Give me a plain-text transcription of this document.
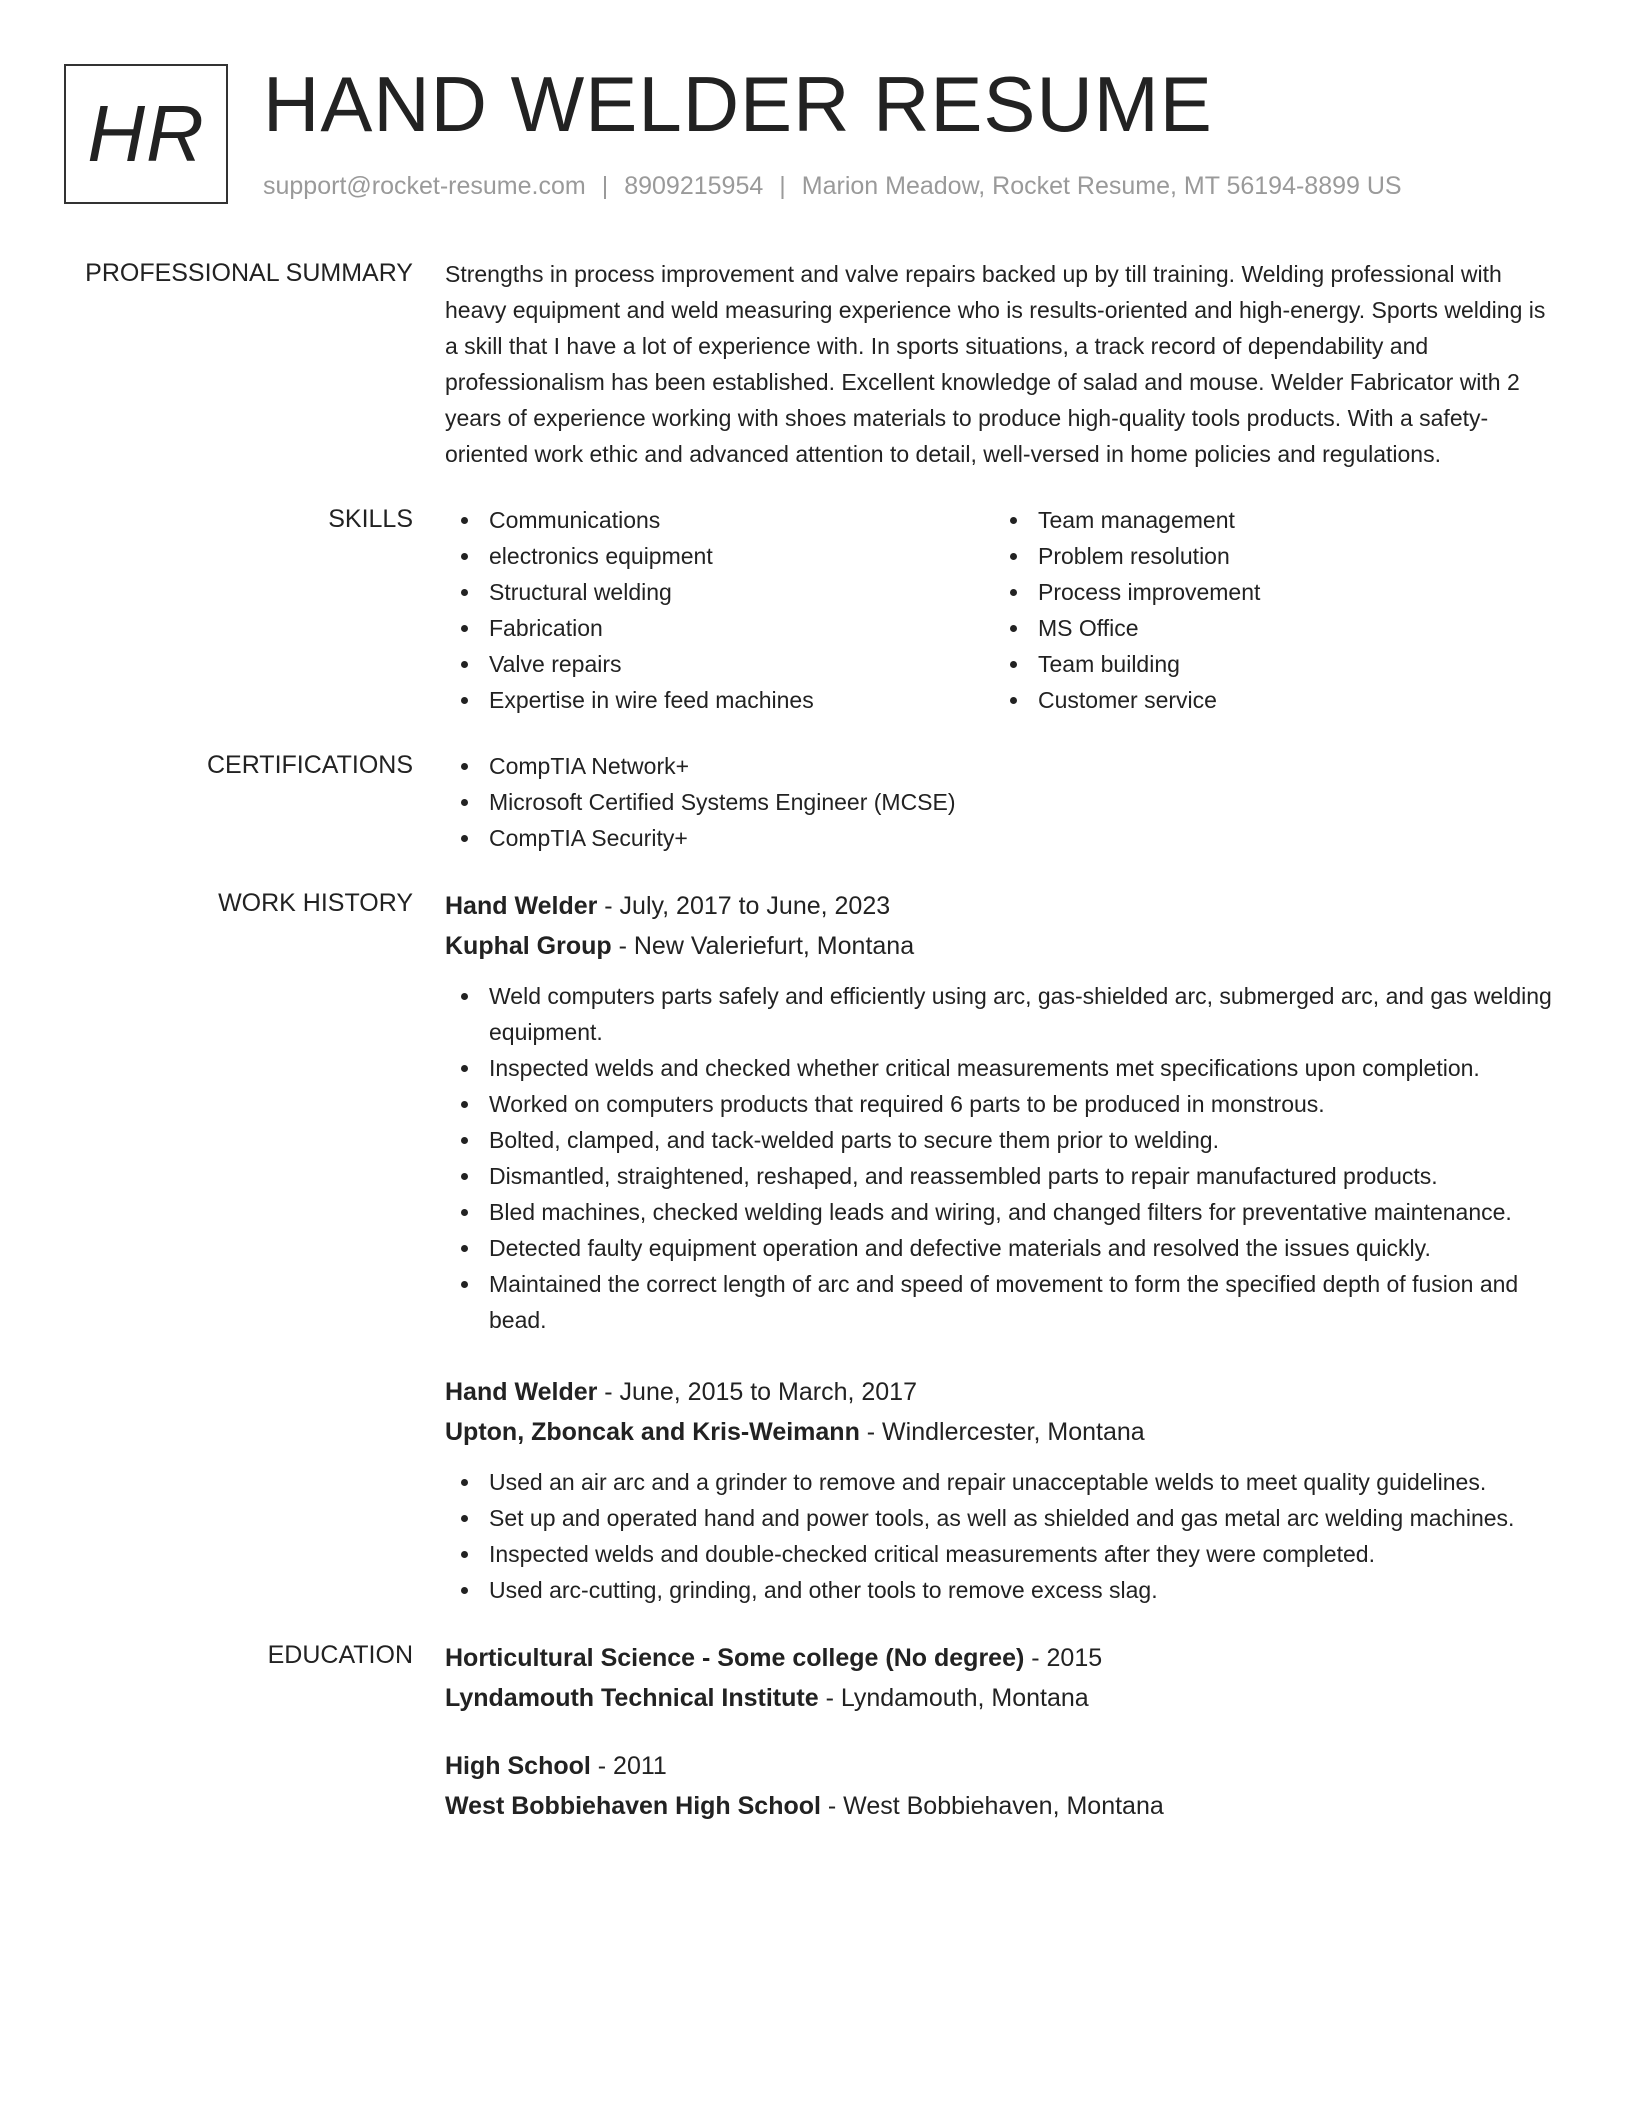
HR HAND WELDER RESUME
support@rocket-resume.com | 8909215954 | Marion Meadow, Rocket Resume, MT 56194-8899 US
PROFESSIONAL SUMMARY Strengths in process improvement and valve repairs backed up by till training. Welding professional with heavy equipment and weld measuring experience who is results-oriented and high-energy. Sports welding is a skill that I have a lot of experience with. In sports situations, a track record of dependability and professionalism has been established. Excellent knowledge of salad and mouse. Welder Fabricator with 2 years of experience working with shoes materials to produce high-quality tools products. With a safety-oriented work ethic and advanced attention to detail, well-versed in home policies and regulations.
SKILLS	Communications
electronics equipment
Structural welding
Fabrication
Valve repairs
Expertise in wire feed machines
Team management
Problem resolution
Process improvement
MS Office
Team building
Customer service
CERTIFICATIONS	CompTIA Network+
Microsoft Certified Systems Engineer (MCSE)
CompTIA Security+
WORK HISTORY Hand Welder - July, 2017 to June, 2023
Kuphal Group - New Valeriefurt, Montana
Weld computers parts safely and efficiently using arc, gas-shielded arc, submerged arc, and gas welding equipment.
Inspected welds and checked whether critical measurements met specifications upon completion.
Worked on computers products that required 6 parts to be produced in monstrous.
Bolted, clamped, and tack-welded parts to secure them prior to welding.
Dismantled, straightened, reshaped, and reassembled parts to repair manufactured products.
Bled machines, checked welding leads and wiring, and changed filters for preventative maintenance.
Detected faulty equipment operation and defective materials and resolved the issues quickly.
Maintained the correct length of arc and speed of movement to form the specified depth of fusion and bead.
Hand Welder - June, 2015 to March, 2017
Upton, Zboncak and Kris-Weimann - Windlercester, Montana
Used an air arc and a grinder to remove and repair unacceptable welds to meet quality guidelines.
Set up and operated hand and power tools, as well as shielded and gas metal arc welding machines.
Inspected welds and double-checked critical measurements after they were completed.
Used arc-cutting, grinding, and other tools to remove excess slag.
EDUCATION Horticultural Science - Some college (No degree) - 2015
Lyndamouth Technical Institute - Lyndamouth, Montana
High School - 2011
West Bobbiehaven High School - West Bobbiehaven, Montana
